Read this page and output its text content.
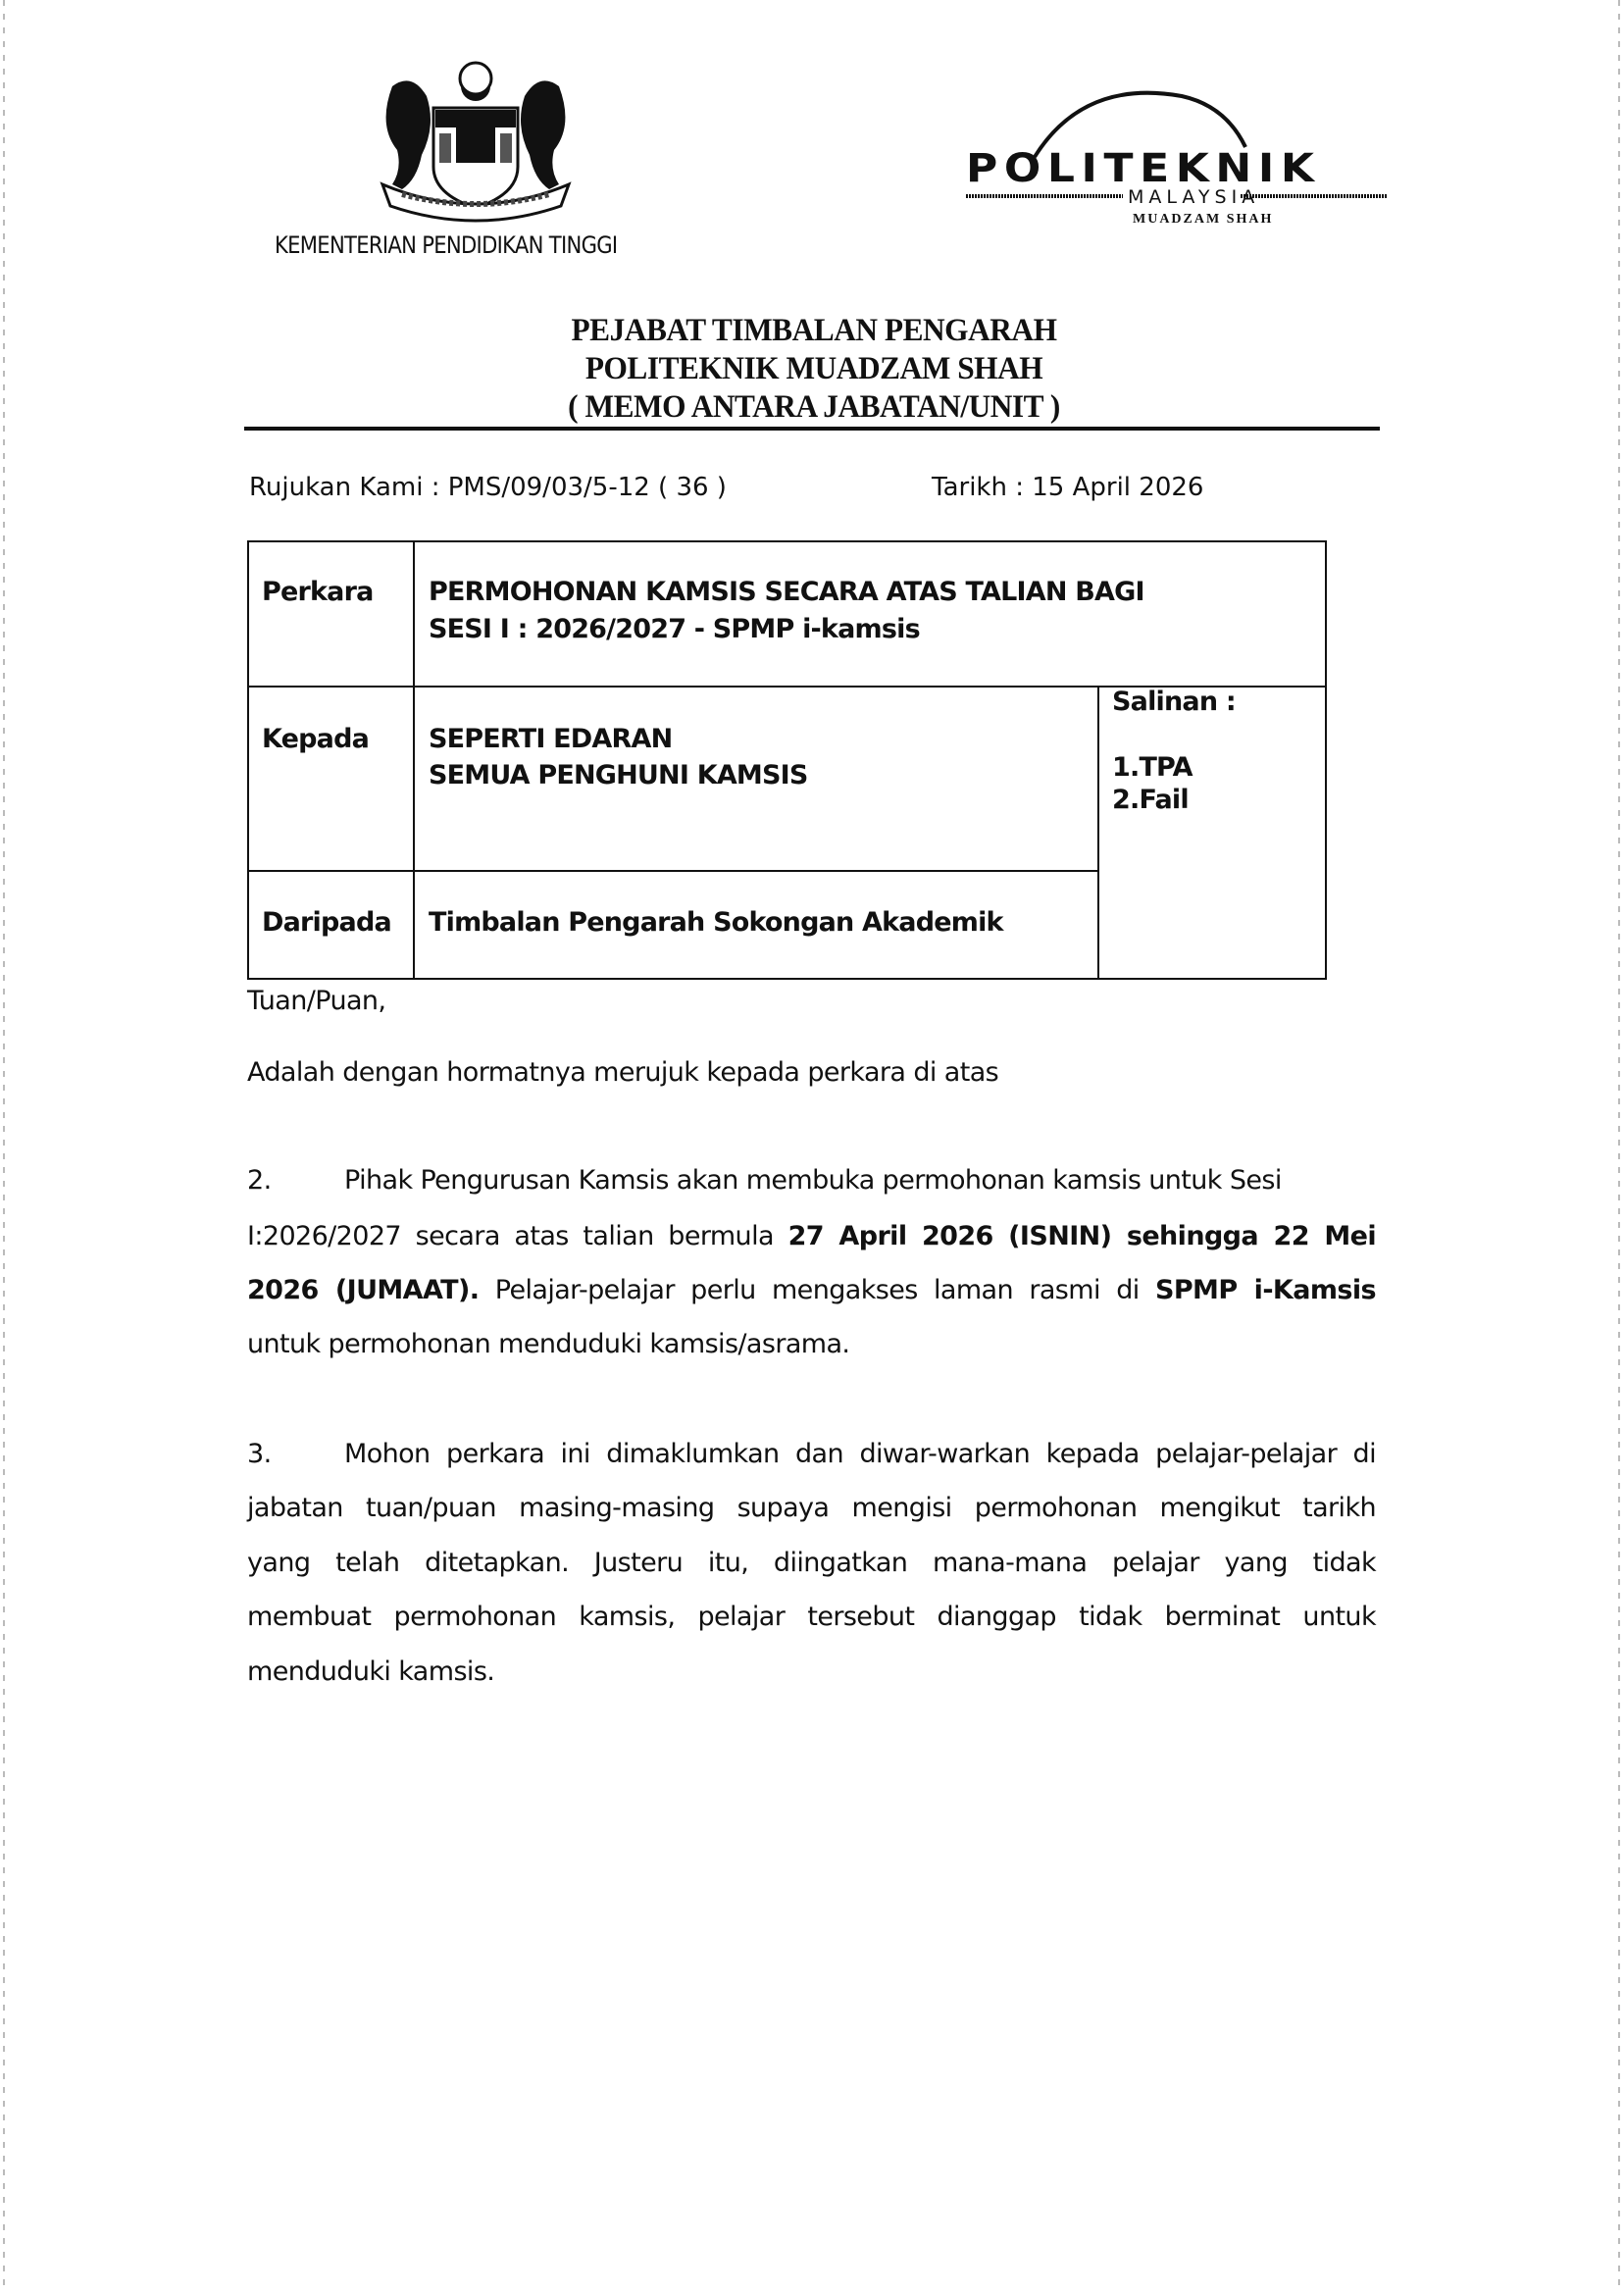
KEMENTERIAN PENDIDIKAN TINGGI
POLITEKNIK
MALAYSIA
MUADZAM SHAH
PEJABAT TIMBALAN PENGARAH
POLITEKNIK MUADZAM SHAH
( MEMO ANTARA JABATAN/UNIT )
Rujukan Kami : PMS/09/03/5-12 ( 36 )	Tarikh : 15 April 2026
Perkara PERMOHONAN KAMSIS SECARA ATAS TALIAN BAGI
SESI I : 2026/2027 - SPMP i-kamsis
Kepada SEPERTI EDARAN
SEMUA PENGHUNI KAMSIS
Salinan :
1.TPA
2.Fail
Daripada Timbalan Pengarah Sokongan Akademik
Tuan/Puan,
Adalah dengan hormatnya merujuk kepada perkara di atas
2.	Pihak Pengurusan Kamsis akan membuka permohonan kamsis untuk Sesi
I:2026/2027 secara atas talian bermula 27 April 2026 (ISNIN) sehingga 22 Mei
2026 (JUMAAT). Pelajar-pelajar perlu mengakses laman rasmi di SPMP i-Kamsis
untuk permohonan menduduki kamsis/asrama.
3.	Mohon perkara ini dimaklumkan dan diwar-warkan kepada pelajar-pelajar di
jabatan tuan/puan masing-masing supaya mengisi permohonan mengikut tarikh
yang telah ditetapkan. Justeru itu, diingatkan mana-mana pelajar yang tidak
membuat permohonan kamsis, pelajar tersebut dianggap tidak berminat untuk
menduduki kamsis.
